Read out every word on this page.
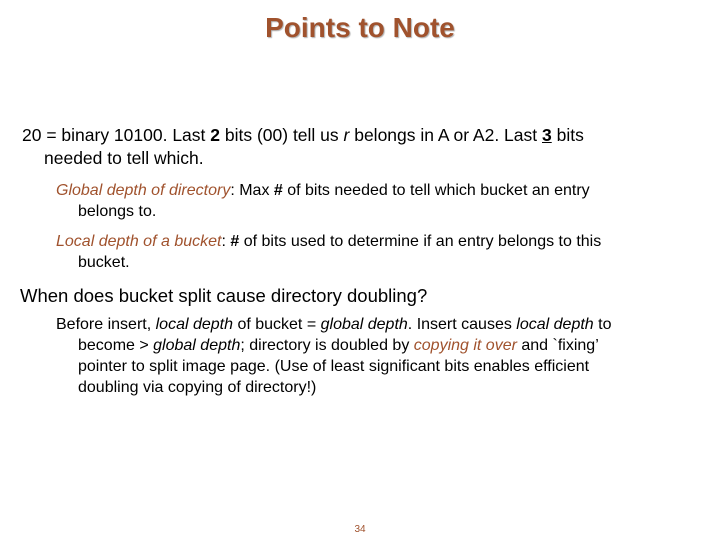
Points to Note

20 = binary 10100. Last 2 bits (00) tell us r belongs in A or A2. Last 3 bits
needed to tell which.

Global depth of directory: Max # of bits needed to tell which bucket an entry
belongs to.

Local depth of a bucket: # of bits used to determine if an entry belongs to this
bucket.

When does bucket split cause directory doubling?

Before insert, local depth of bucket = global depth. Insert causes local depth to
become > global depth; directory is doubled by copying it over and `fixing’
pointer to split image page. (Use of least significant bits enables efficient
doubling via copying of directory!)

34
